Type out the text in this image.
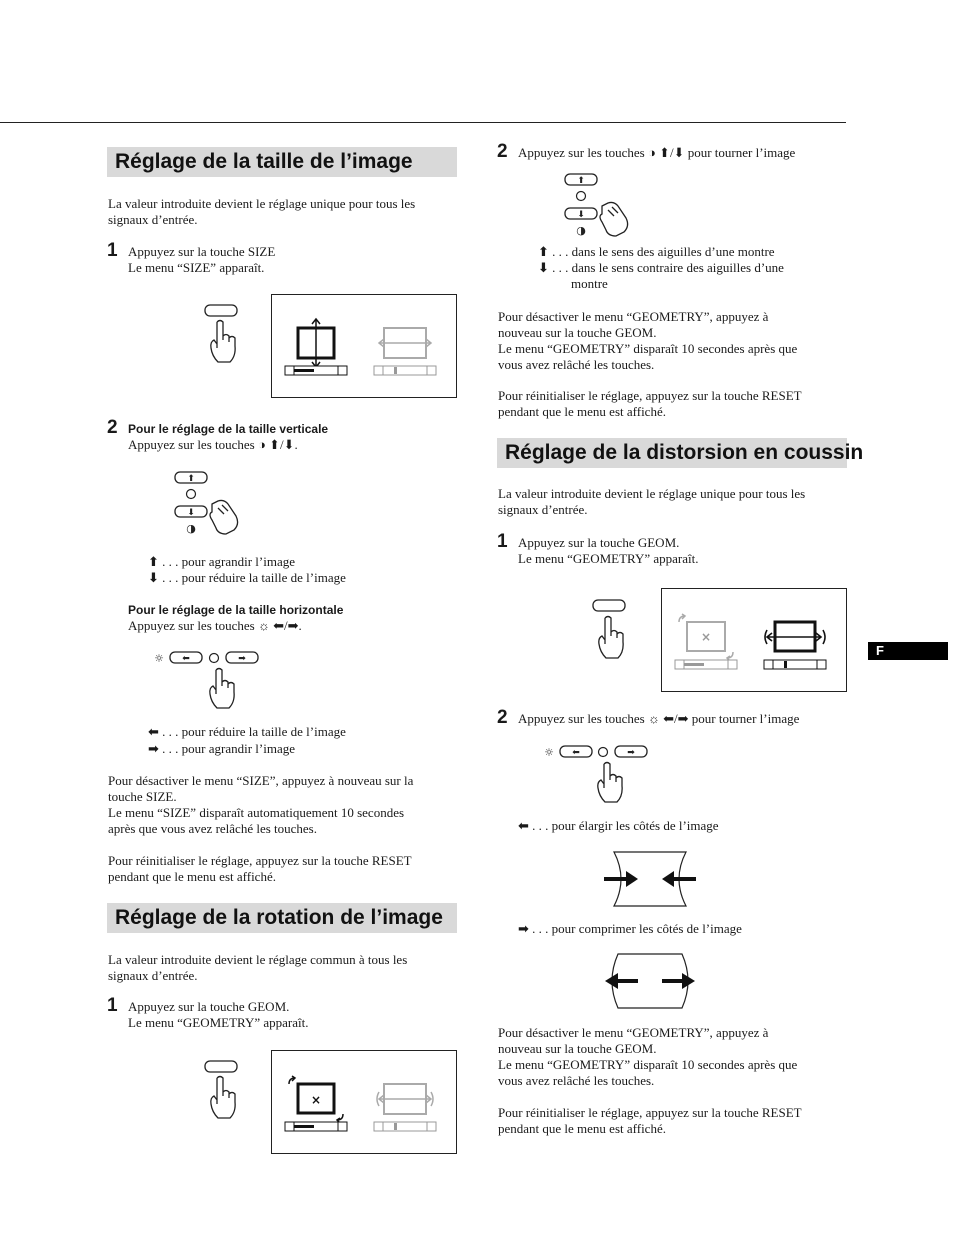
F
Réglage de la taille de l’image
La valeur introduite devient le réglage unique pour tous les
signaux d’entrée.
1 Appuyez sur la touche SIZE
Le menu “SIZE” apparaît.
2 Pour le réglage de la taille verticale
Appuyez sur les touches ◑ ⬆/⬇.
⬆
⬇
◑
⬆ . . . pour agrandir l’image
⬇ . . . pour réduire la taille de l’image
Pour le réglage de la taille horizontale
Appuyez sur les touches ☼ ⬅/➡.
☼ ⬅	➡
⬅ . . . pour réduire la taille de l’image
➡ . . . pour agrandir l’image
Pour désactiver le menu “SIZE”, appuyez à nouveau sur la
touche SIZE.
Le menu “SIZE” disparaît automatiquement 10 secondes
après que vous avez relâché les touches.
Pour réinitialiser le réglage, appuyez sur la touche RESET
pendant que le menu est affiché.
Réglage de la rotation de l’image
La valeur introduite devient le réglage commun à tous les
signaux d’entrée.
1 Appuyez sur la touche GEOM.
Le menu “GEOMETRY” apparaît.
×
2 Appuyez sur les touches ◑ ⬆/⬇ pour tourner l’image
⬆
⬇
◑
⬆ . . . dans le sens des aiguilles d’une montre
⬇ . . . dans le sens contraire des aiguilles d’une
montre
Pour désactiver le menu “GEOMETRY”, appuyez à
nouveau sur la touche GEOM.
Le menu “GEOMETRY” disparaît 10 secondes après que
vous avez relâché les touches.
Pour réinitialiser le réglage, appuyez sur la touche RESET
pendant que le menu est affiché.
Réglage de la distorsion en coussin
La valeur introduite devient le réglage unique pour tous les
signaux d’entrée.
1 Appuyez sur la touche GEOM.
Le menu “GEOMETRY” apparaît.
×
2 Appuyez sur les touches ☼ ⬅/➡ pour tourner l’image
☼ ⬅	➡
⬅ . . . pour élargir les côtés de l’image
➡ . . . pour comprimer les côtés de l’image
Pour désactiver le menu “GEOMETRY”, appuyez à
nouveau sur la touche GEOM.
Le menu “GEOMETRY” disparaît 10 secondes après que
vous avez relâché les touches.
Pour réinitialiser le réglage, appuyez sur la touche RESET
pendant que le menu est affiché.
